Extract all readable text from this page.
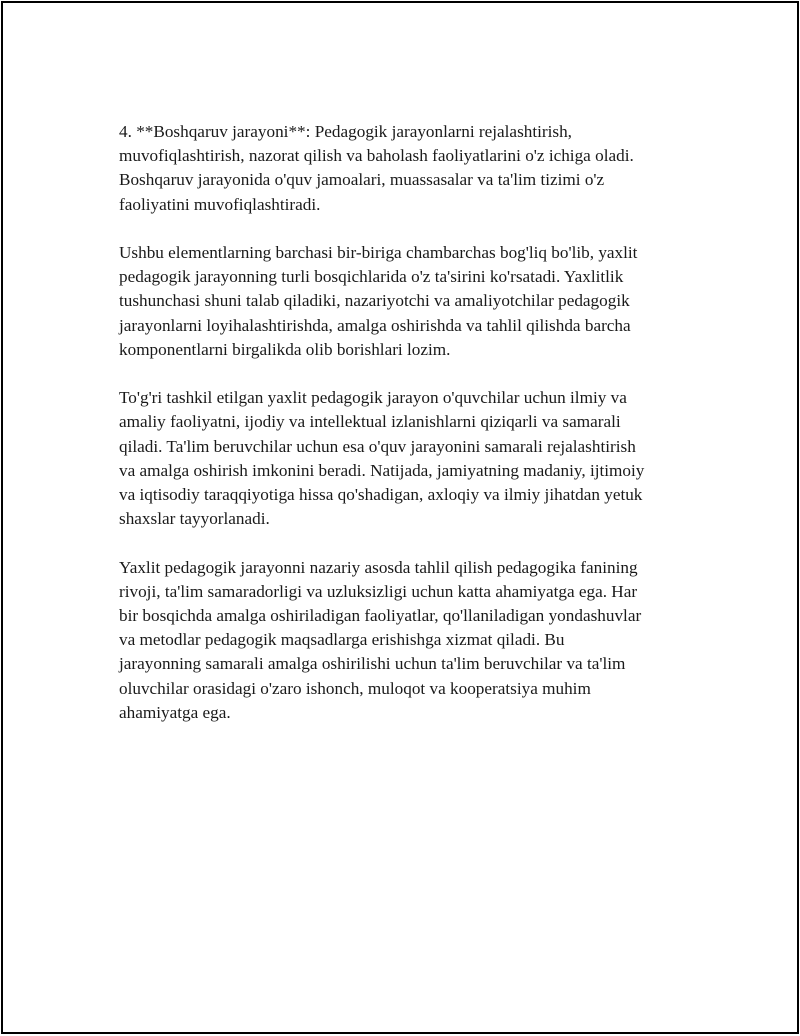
4. **Boshqaruv jarayoni**: Pedagogik jarayonlarni rejalashtirish,
muvofiqlashtirish, nazorat qilish va baholash faoliyatlarini o'z ichiga oladi.
Boshqaruv jarayonida o'quv jamoalari, muassasalar va ta'lim tizimi o'z
faoliyatini muvofiqlashtiradi.

Ushbu elementlarning barchasi bir-biriga chambarchas bog'liq bo'lib, yaxlit
pedagogik jarayonning turli bosqichlarida o'z ta'sirini ko'rsatadi. Yaxlitlik
tushunchasi shuni talab qiladiki, nazariyotchi va amaliyotchilar pedagogik
jarayonlarni loyihalashtirishda, amalga oshirishda va tahlil qilishda barcha
komponentlarni birgalikda olib borishlari lozim.

To'g'ri tashkil etilgan yaxlit pedagogik jarayon o'quvchilar uchun ilmiy va
amaliy faoliyatni, ijodiy va intellektual izlanishlarni qiziqarli va samarali
qiladi. Ta'lim beruvchilar uchun esa o'quv jarayonini samarali rejalashtirish
va amalga oshirish imkonini beradi. Natijada, jamiyatning madaniy, ijtimoiy
va iqtisodiy taraqqiyotiga hissa qo'shadigan, axloqiy va ilmiy jihatdan yetuk
shaxslar tayyorlanadi.

Yaxlit pedagogik jarayonni nazariy asosda tahlil qilish pedagogika fanining
rivoji, ta'lim samaradorligi va uzluksizligi uchun katta ahamiyatga ega. Har
bir bosqichda amalga oshiriladigan faoliyatlar, qo'llaniladigan yondashuvlar
va metodlar pedagogik maqsadlarga erishishga xizmat qiladi. Bu
jarayonning samarali amalga oshirilishi uchun ta'lim beruvchilar va ta'lim
oluvchilar orasidagi o'zaro ishonch, muloqot va kooperatsiya muhim
ahamiyatga ega.
